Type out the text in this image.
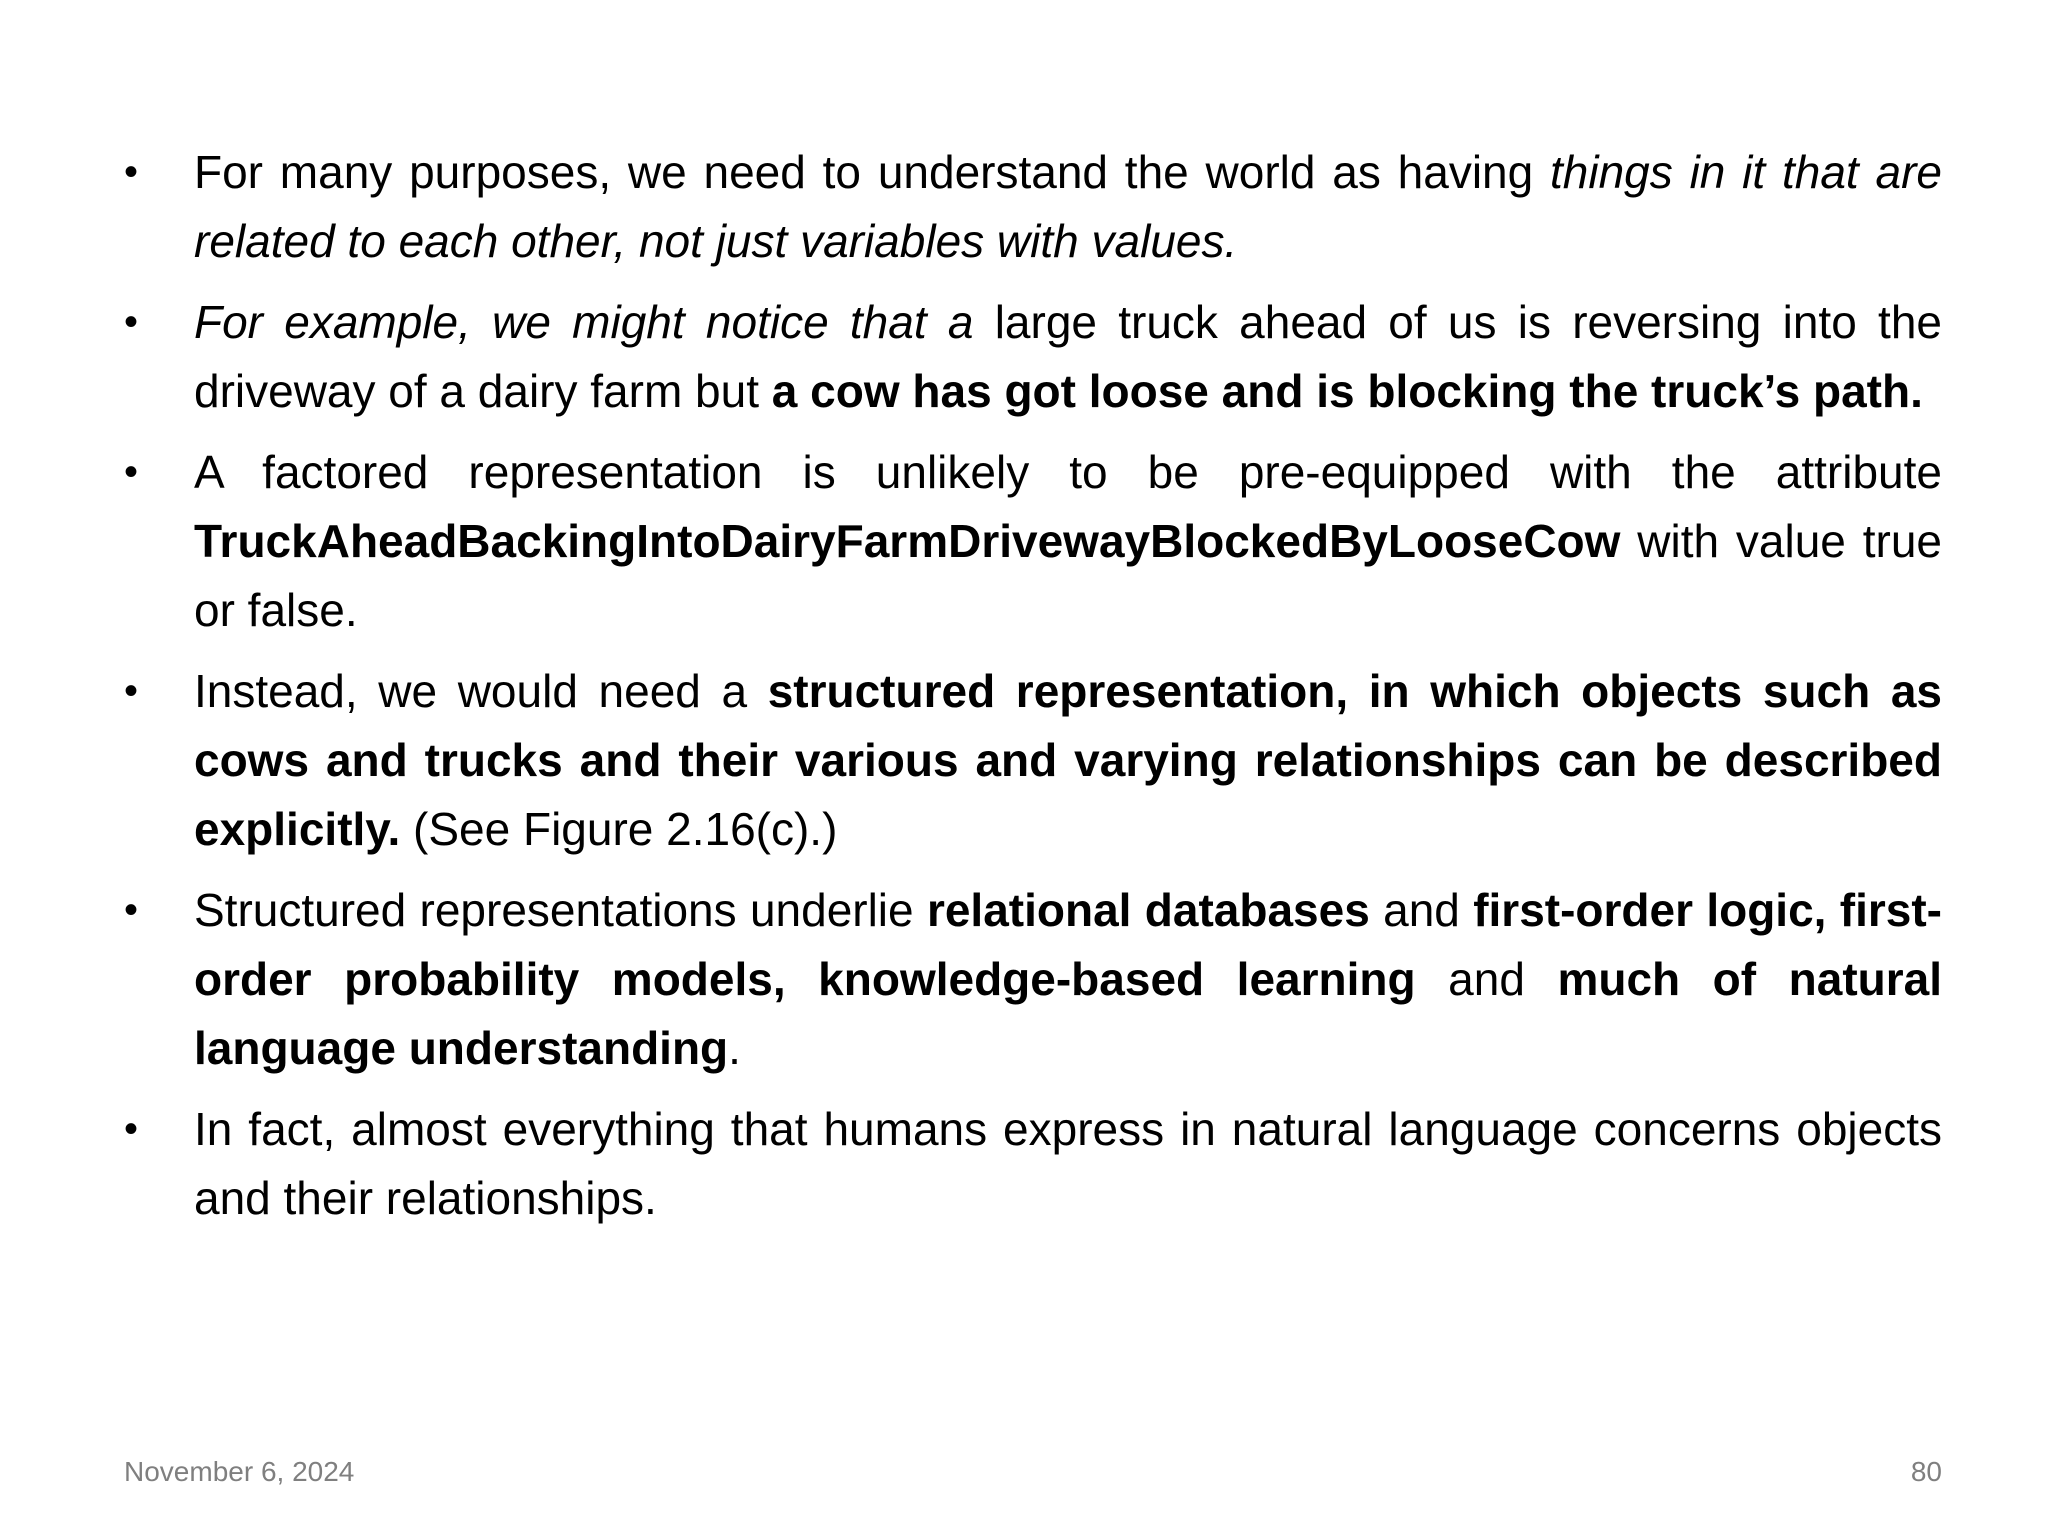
• For many purposes, we need to understand the world as having things in it that are related to each other, not just variables with values.
• For example, we might notice that a large truck ahead of us is reversing into the driveway of a dairy farm but a cow has got loose and is blocking the truck’s path.
• A factored representation is unlikely to be pre-equipped with the attribute TruckAheadBackingIntoDairyFarmDrivewayBlockedByLooseCow with value true or false.
• Instead, we would need a structured representation, in which objects such as cows and trucks and their various and varying relationships can be described explicitly. (See Figure 2.16(c).)
• Structured representations underlie relational databases and first-order logic, first-order probability models, knowledge-based learning and much of natural language understanding.
• In fact, almost everything that humans express in natural language concerns objects and their relationships.
November 6, 2024	80
